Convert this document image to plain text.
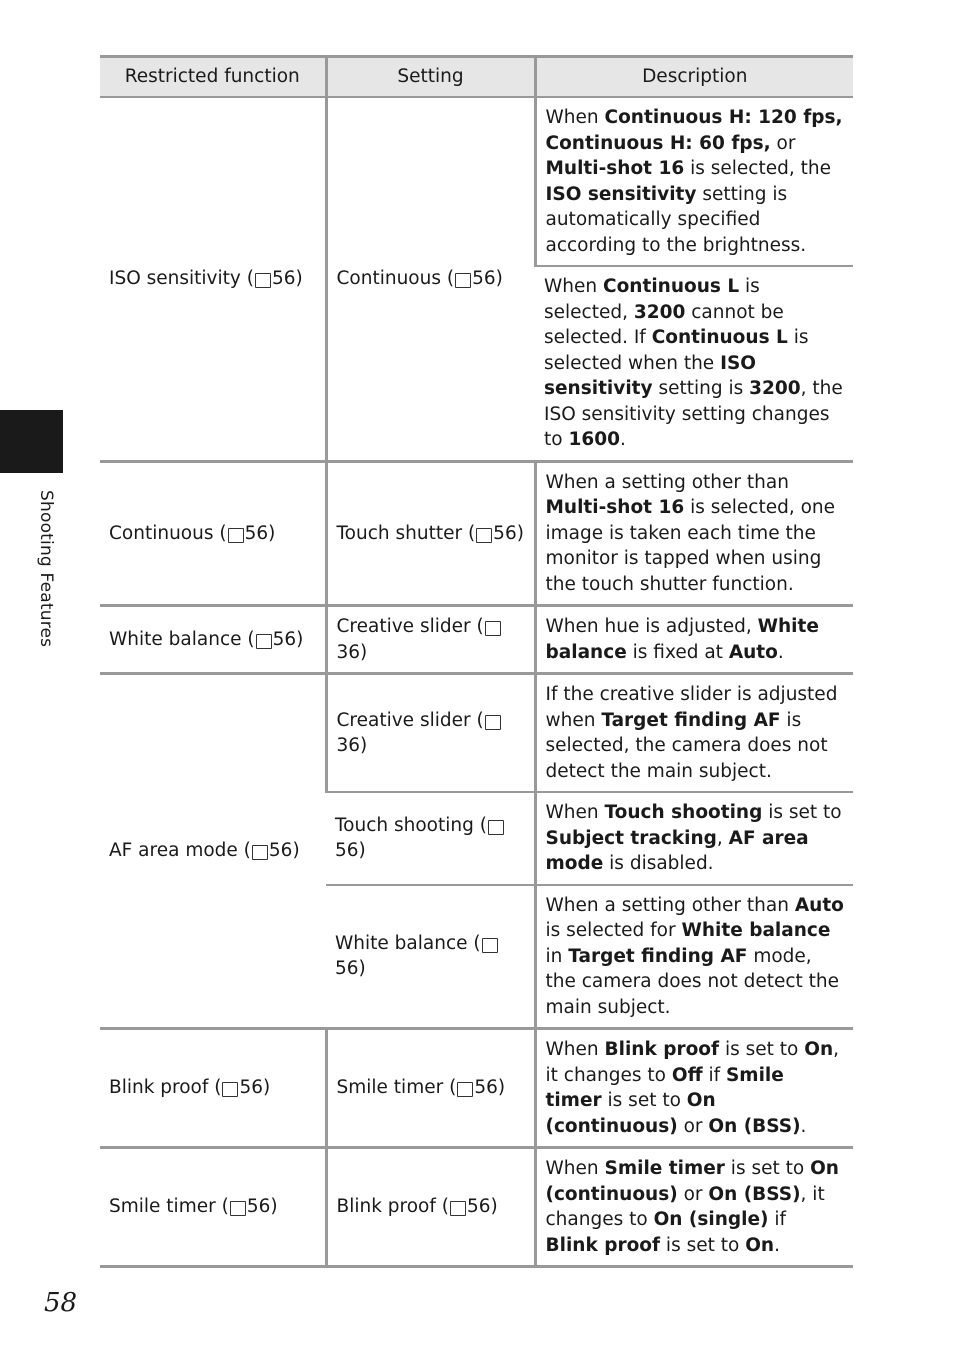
Shooting Features
Restricted function	Setting	Description
ISO sensitivity ( 56)	Continuous ( 56)	When Continuous H: 120 fps, Continuous H: 60 fps, or Multi-shot 16 is selected, the ISO sensitivity setting is automatically specified according to the brightness.
		When Continuous L is selected, 3200 cannot be selected. If Continuous L is selected when the ISO sensitivity setting is 3200, the ISO sensitivity setting changes to 1600.
Continuous ( 56)	Touch shutter ( 56)	When a setting other than Multi-shot 16 is selected, one image is taken each time the monitor is tapped when using the touch shutter function.
White balance ( 56)	Creative slider ( 36)	When hue is adjusted, White balance is fixed at Auto.
AF area mode ( 56)	Creative slider ( 36)	If the creative slider is adjusted when Target finding AF is selected, the camera does not detect the main subject.
	Touch shooting ( 56)	When Touch shooting is set to Subject tracking, AF area mode is disabled.
	White balance ( 56)	When a setting other than Auto is selected for White balance in Target finding AF mode, the camera does not detect the main subject.
Blink proof ( 56)	Smile timer ( 56)	When Blink proof is set to On, it changes to Off if Smile timer is set to On (continuous) or On (BSS).
Smile timer ( 56)	Blink proof ( 56)	When Smile timer is set to On (continuous) or On (BSS), it changes to On (single) if Blink proof is set to On.
58
